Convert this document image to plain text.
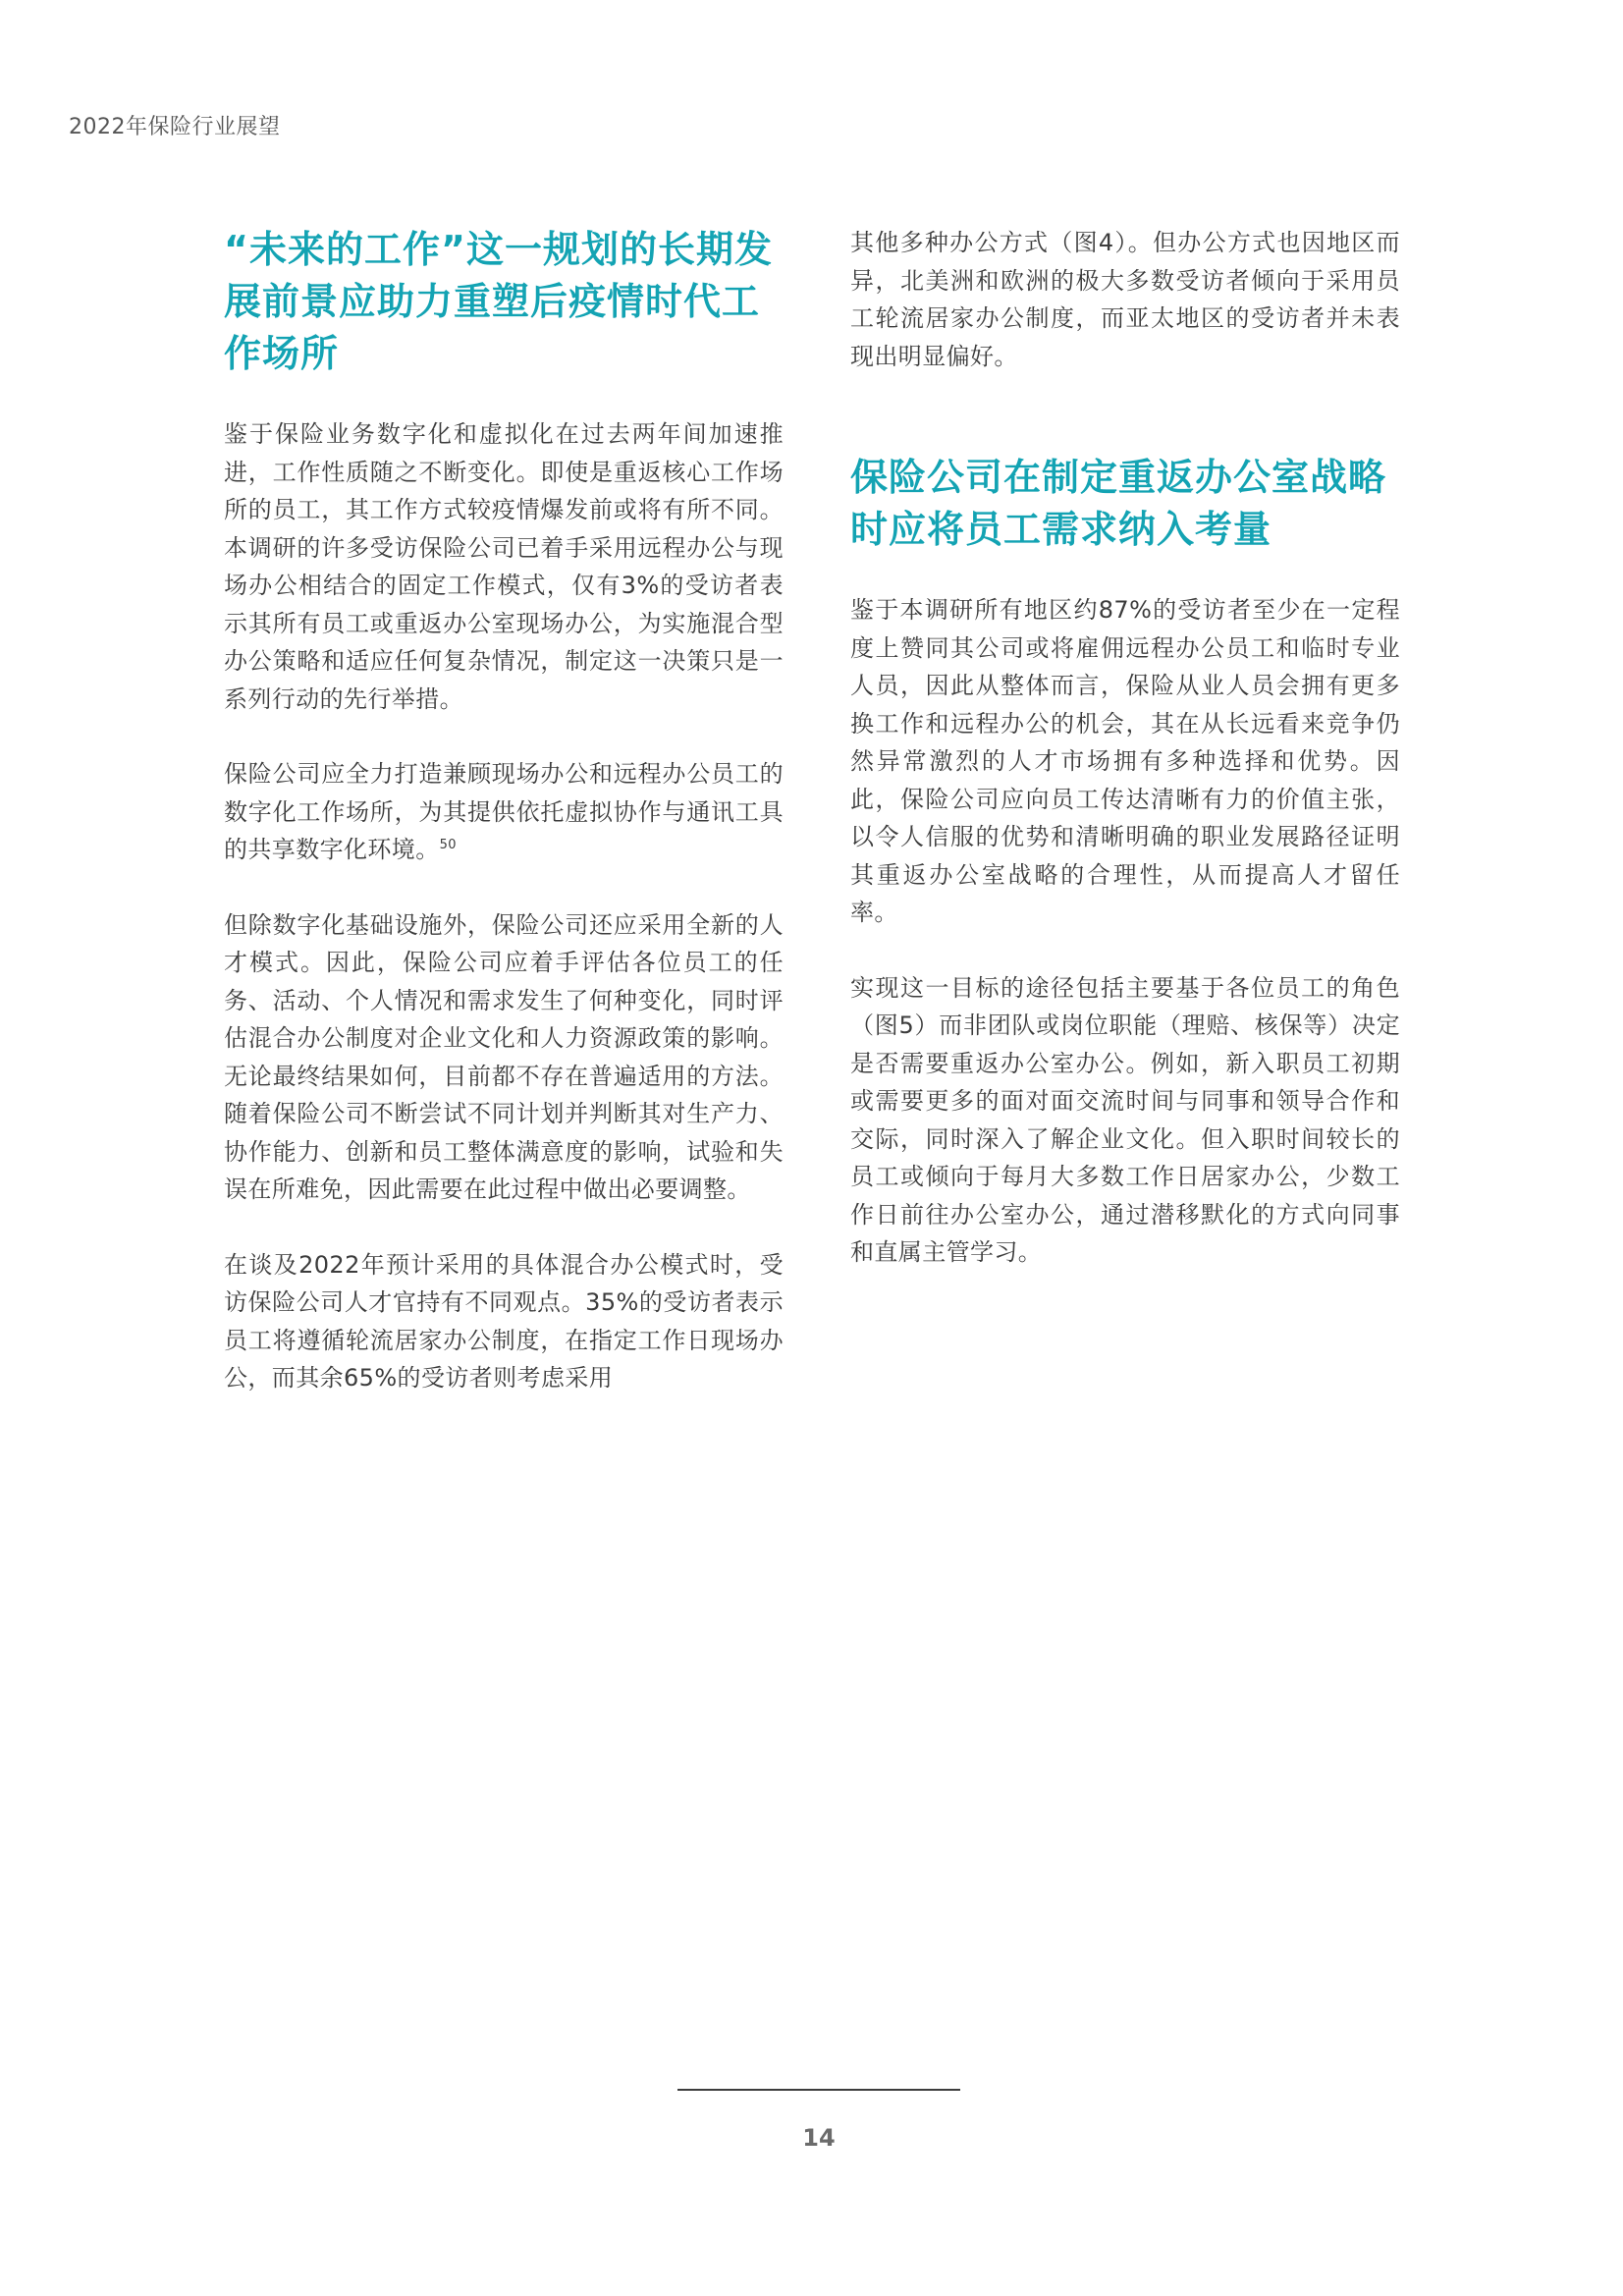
2022年保险行业展望
“未来的工作”这一规划的长期发展前景应助力重塑后疫情时代工作场所

鉴于保险业务数字化和虚拟化在过去两年间加速推进，工作性质随之不断变化。即使是重返核心工作场所的员工，其工作方式较疫情爆发前或将有所不同。本调研的许多受访保险公司已着手采用远程办公与现场办公相结合的固定工作模式，仅有3%的受访者表示其所有员工或重返办公室现场办公，为实施混合型办公策略和适应任何复杂情况，制定这一决策只是一系列行动的先行举措。

保险公司应全力打造兼顾现场办公和远程办公员工的数字化工作场所，为其提供依托虚拟协作与通讯工具的共享数字化环境。$^{50}$

但除数字化基础设施外，保险公司还应采用全新的人才模式。因此，保险公司应着手评估各位员工的任务、活动、个人情况和需求发生了何种变化，同时评估混合办公制度对企业文化和人力资源政策的影响。无论最终结果如何，目前都不存在普遍适用的方法。随着保险公司不断尝试不同计划并判断其对生产力、协作能力、创新和员工整体满意度的影响，试验和失误在所难免，因此需要在此过程中做出必要调整。

在谈及2022年预计采用的具体混合办公模式时，受访保险公司人才官持有不同观点。35%的受访者表示员工将遵循轮流居家办公制度，在指定工作日现场办公，而其余65%的受访者则考虑采用

其他多种办公方式（图4）。但办公方式也因地区而异，北美洲和欧洲的极大多数受访者倾向于采用员工轮流居家办公制度，而亚太地区的受访者并未表现出明显偏好。

保险公司在制定重返办公室战略时应将员工需求纳入考量

鉴于本调研所有地区约87%的受访者至少在一定程度上赞同其公司或将雇佣远程办公员工和临时专业人员，因此从整体而言，保险从业人员会拥有更多换工作和远程办公的机会，其在从长远看来竞争仍然异常激烈的人才市场拥有多种选择和优势。因此，保险公司应向员工传达清晰有力的价值主张，以令人信服的优势和清晰明确的职业发展路径证明其重返办公室战略的合理性，从而提高人才留任率。

实现这一目标的途径包括主要基于各位员工的角色（图5）而非团队或岗位职能（理赔、核保等）决定是否需要重返办公室办公。例如，新入职员工初期或需要更多的面对面交流时间与同事和领导合作和交际，同时深入了解企业文化。但入职时间较长的员工或倾向于每月大多数工作日居家办公，少数工作日前往办公室办公，通过潜移默化的方式向同事和直属主管学习。

14
